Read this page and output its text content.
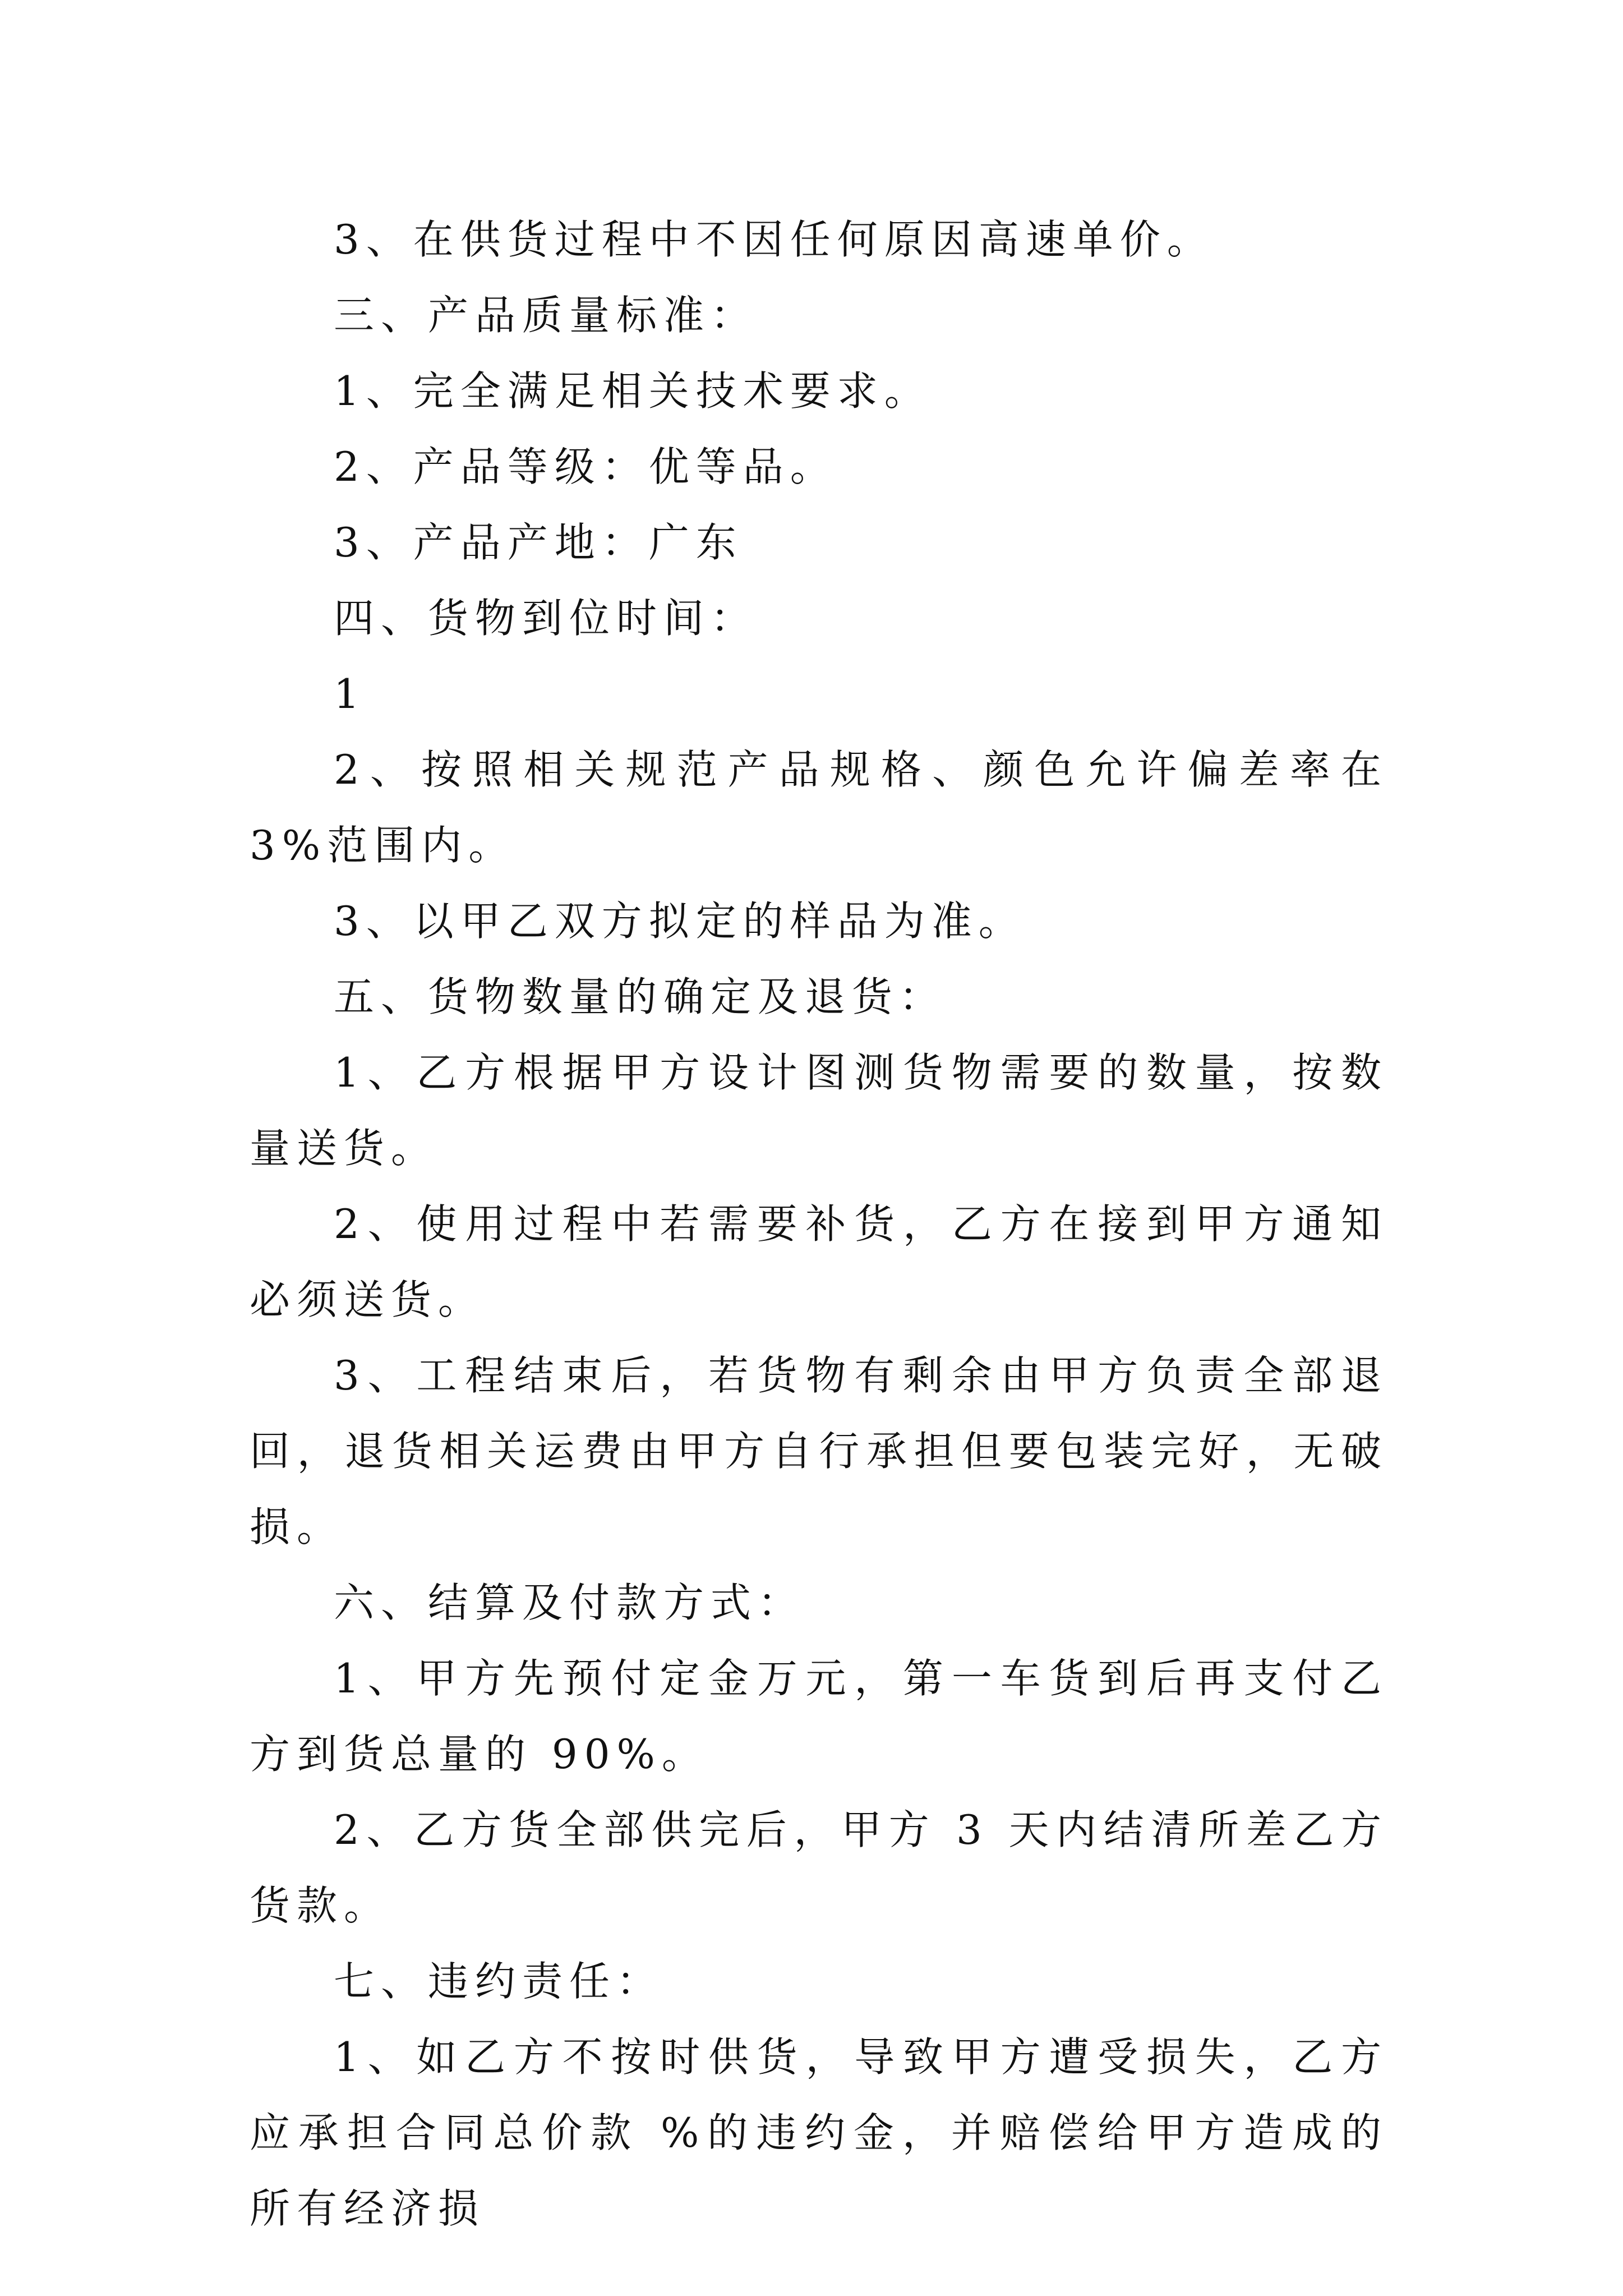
3、在供货过程中不因任何原因高速单价。

三、产品质量标准：

1、完全满足相关技术要求。

2、产品等级：优等品。

3、产品产地：广东

四、货物到位时间：

1

2、按照相关规范产品规格、颜色允许偏差率在 3%范围内。

3、以甲乙双方拟定的样品为准。

五、货物数量的确定及退货：

1、乙方根据甲方设计图测货物需要的数量，按数量送货。

2、使用过程中若需要补货，乙方在接到甲方通知必须送货。

3、工程结束后，若货物有剩余由甲方负责全部退回，退货相关运费由甲方自行承担但要包装完好，无破损。

六、结算及付款方式：

1、甲方先预付定金万元，第一车货到后再支付乙方到货总量的 90%。

2、乙方货全部供完后，甲方 3 天内结清所差乙方货款。

七、违约责任：

1、如乙方不按时供货，导致甲方遭受损失，乙方应承担合同总价款 %的违约金，并赔偿给甲方造成的所有经济损
